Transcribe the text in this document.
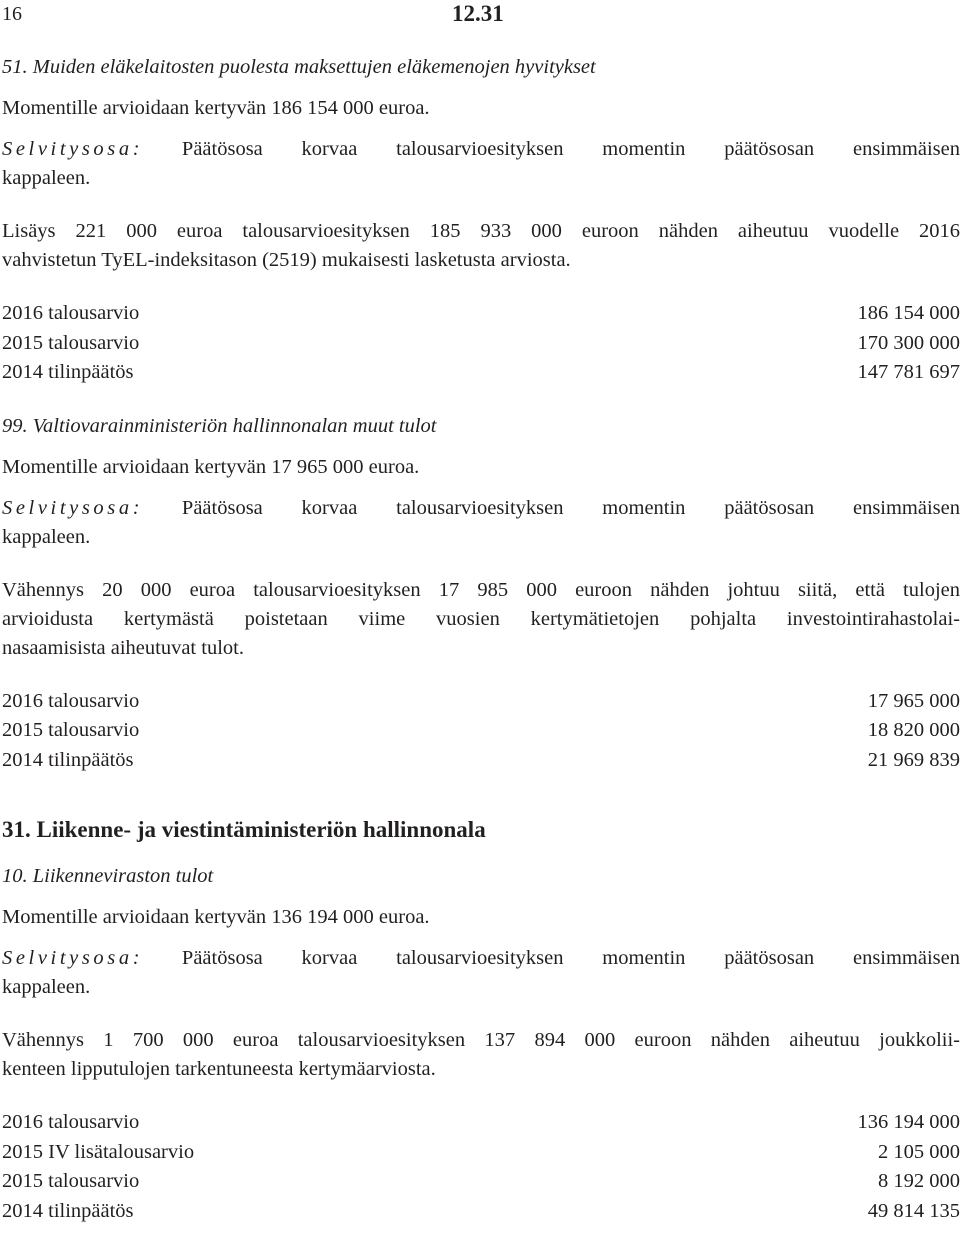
16	12.31

51. Muiden eläkelaitosten puolesta maksettujen eläkemenojen hyvitykset

Momentille arvioidaan kertyvän 186 154 000 euroa.

Selvitysosa: Päätösosa korvaa talousarvioesityksen momentin päätösosan ensimmäisen

kappaleen.

Lisäys 221 000 euroa talousarvioesityksen 185 933 000 euroon nähden aiheutuu vuodelle 2016

vahvistetun TyEL-indeksitason (2519) mukaisesti lasketusta arviosta.

2016 talousarvio	186 154 000
2015 talousarvio	170 300 000
2014 tilinpäätös	147 781 697

99. Valtiovarainministeriön hallinnonalan muut tulot

Momentille arvioidaan kertyvän 17 965 000 euroa.

Selvitysosa: Päätösosa korvaa talousarvioesityksen momentin päätösosan ensimmäisen

kappaleen.

Vähennys 20 000 euroa talousarvioesityksen 17 985 000 euroon nähden johtuu siitä, että tulojen

arvioidusta kertymästä poistetaan viime vuosien kertymätietojen pohjalta investointirahastolai-

nasaamisista aiheutuvat tulot.

2016 talousarvio	17 965 000
2015 talousarvio	18 820 000
2014 tilinpäätös	21 969 839

31. Liikenne- ja viestintäministeriön hallinnonala

10. Liikenneviraston tulot

Momentille arvioidaan kertyvän 136 194 000 euroa.

Selvitysosa: Päätösosa korvaa talousarvioesityksen momentin päätösosan ensimmäisen

kappaleen.

Vähennys 1 700 000 euroa talousarvioesityksen 137 894 000 euroon nähden aiheutuu joukkolii-

kenteen lipputulojen tarkentuneesta kertymäarviosta.

2016 talousarvio	136 194 000
2015 IV lisätalousarvio	2 105 000
2015 talousarvio	8 192 000
2014 tilinpäätös	49 814 135
